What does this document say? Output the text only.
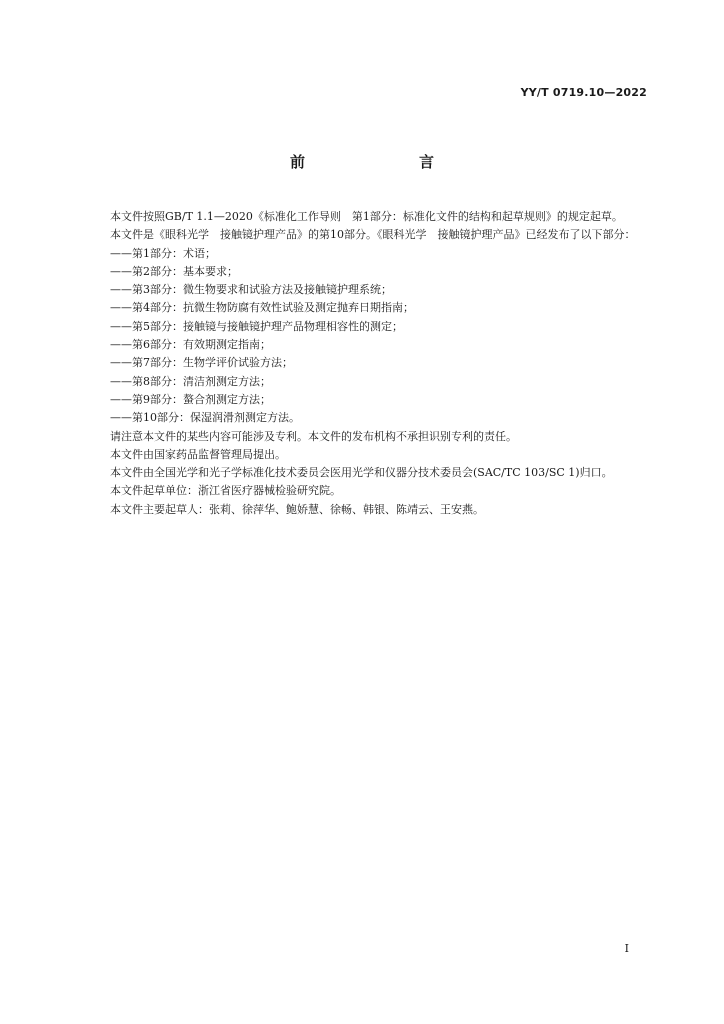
YY/T 0719.10—2022
前　　言

本文件按照GB/T 1.1—2020《标准化工作导则　第1部分：标准化文件的结构和起草规则》的规定起草。

本文件是《眼科光学　接触镜护理产品》的第10部分。《眼科光学　接触镜护理产品》已经发布了以下部分：

——第1部分：术语；

——第2部分：基本要求；

——第3部分：微生物要求和试验方法及接触镜护理系统；

——第4部分：抗微生物防腐有效性试验及测定抛弃日期指南；

——第5部分：接触镜与接触镜护理产品物理相容性的测定；

——第6部分：有效期测定指南；

——第7部分：生物学评价试验方法；

——第8部分：清洁剂测定方法；

——第9部分：螯合剂测定方法；

——第10部分：保湿润滑剂测定方法。

请注意本文件的某些内容可能涉及专利。本文件的发布机构不承担识别专利的责任。

本文件由国家药品监督管理局提出。

本文件由全国光学和光子学标准化技术委员会医用光学和仪器分技术委员会(SAC/TC 103/SC 1)归口。

本文件起草单位：浙江省医疗器械检验研究院。

本文件主要起草人：张莉、徐萍华、鲍娇慧、徐畅、韩银、陈靖云、王安燕。

I
